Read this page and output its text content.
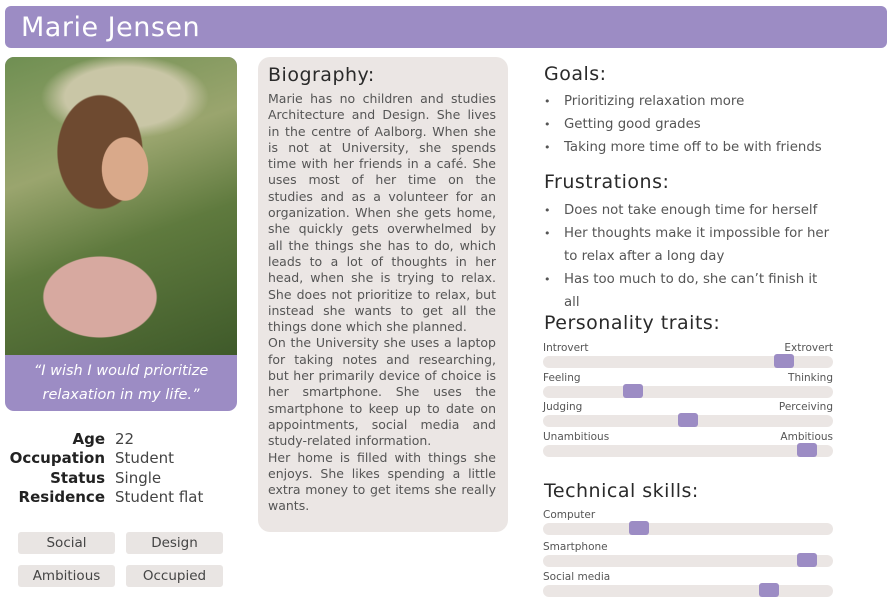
Marie Jensen
“I wish I would prioritize relaxation in my life.”
Age 22
Occupation Student
Status Single
Residence Student flat
Social	Design
Ambitious	Occupied
Biography:
Marie has no children and studies Architecture and Design. She lives in the centre of Aalborg. When she is not at University, she spends time with her friends in a café. She uses most of her time on the studies and as a volunteer for an organization. When she gets home, she quickly gets overwhelmed by all the things she has to do, which leads to a lot of thoughts in her head, when she is trying to relax. She does not prioritize to relax, but instead she wants to get all the things done which she planned.
On the University she uses a laptop for taking notes and researching, but her primarily device of choice is her smartphone. She uses the smartphone to keep up to date on appointments, social media and study-related information.
Her home is filled with things she enjoys. She likes spending a little extra money to get items she really wants.
Goals:
•	Prioritizing relaxation more
•	Getting good grades
•	Taking more time off to be with friends
Frustrations:
•	Does not take enough time for herself
•	Her thoughts make it impossible for her to relax after a long day
•	Has too much to do, she can’t finish it all
Personality traits:
Introvert	Extrovert
Feeling	Thinking
Judging	Perceiving
Unambitious	Ambitious
Technical skills:
Computer
Smartphone
Social media
